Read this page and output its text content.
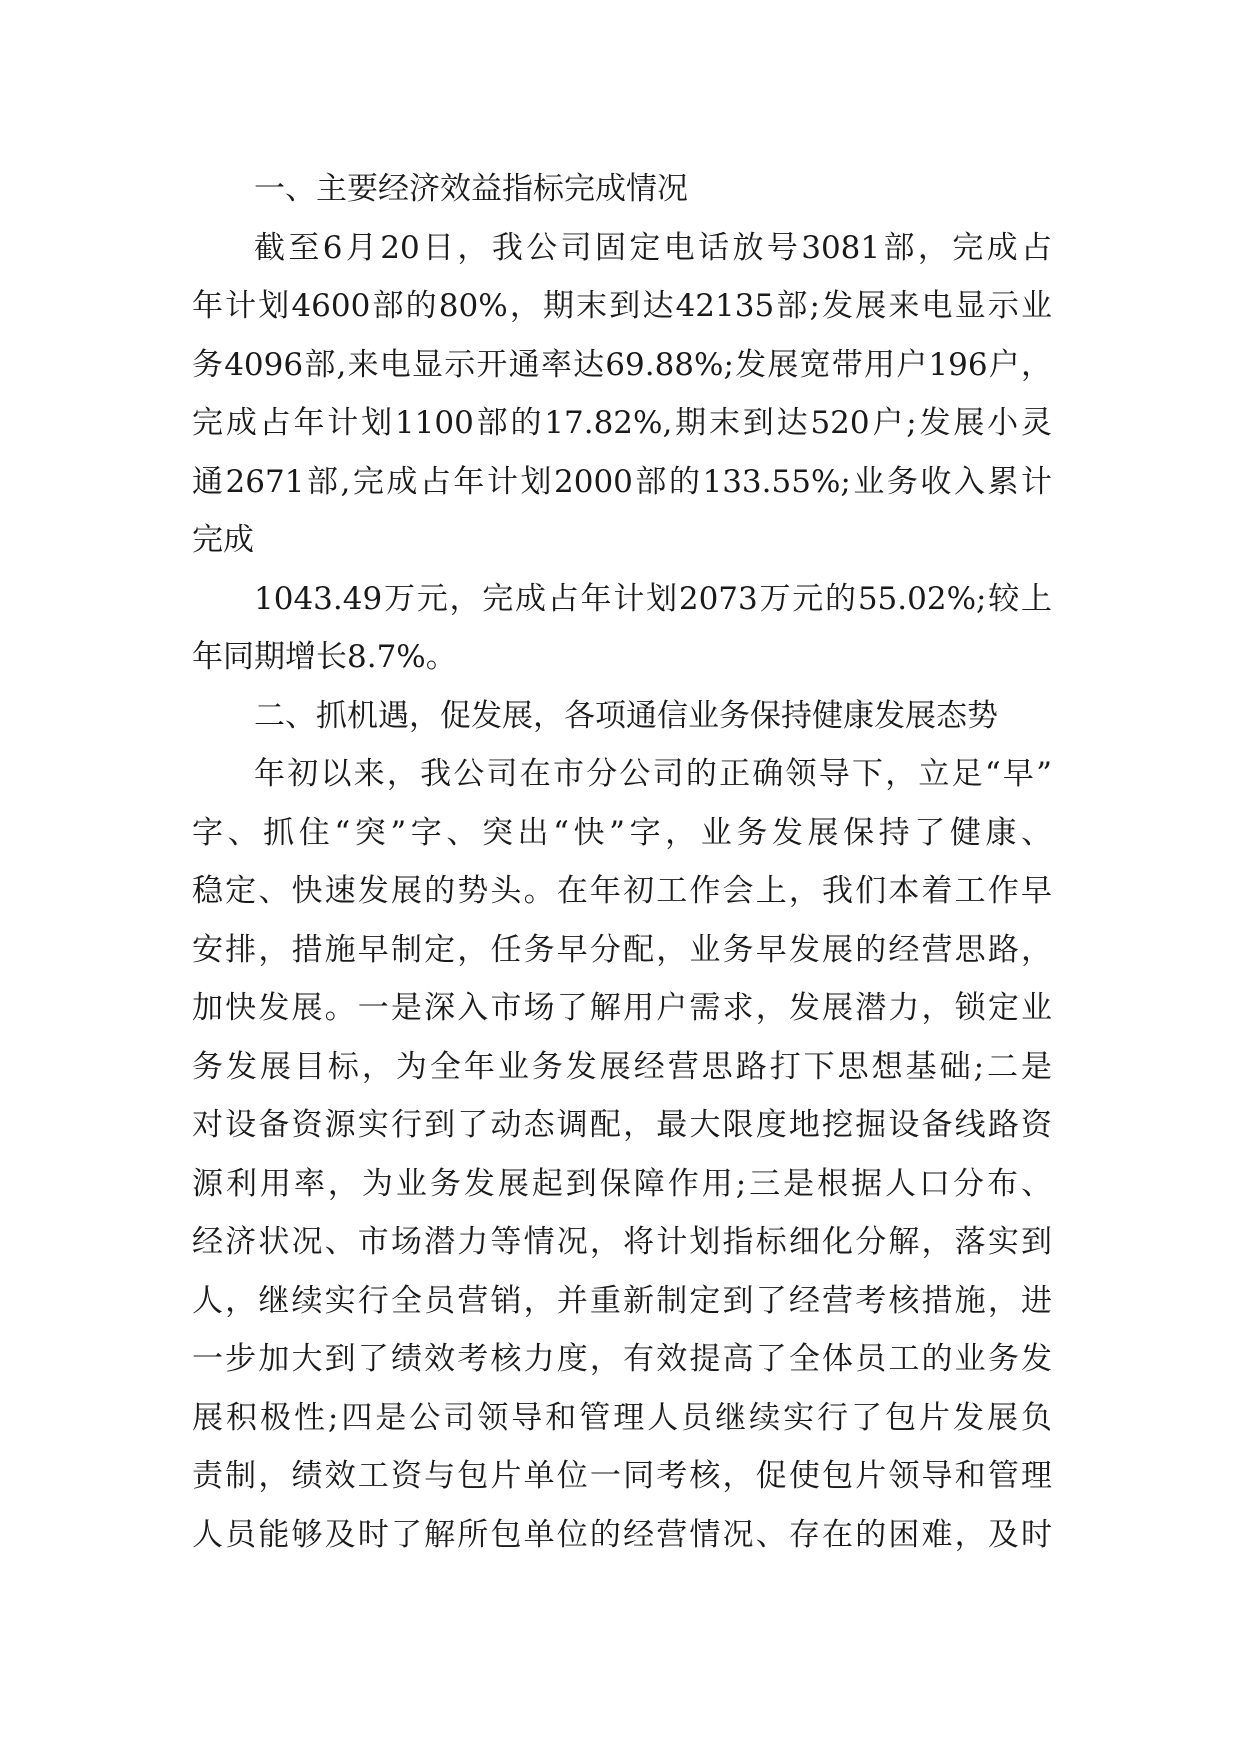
一、主要经济效益指标完成情况
截至6月20日，我公司固定电话放号3081部，完成占
年计划4600部的80%，期末到达42135部;发展来电显示业
务4096部,来电显示开通率达69.88%;发展宽带用户196户，
完成占年计划1100部的17.82%,期末到达520户;发展小灵
通2671部,完成占年计划2000部的133.55%;业务收入累计
完成
1043.49万元，完成占年计划2073万元的55.02%;较上
年同期增长8.7%。
二、抓机遇，促发展，各项通信业务保持健康发展态势
年初以来，我公司在市分公司的正确领导下，立足“早”
字、抓住“突”字、突出“快”字，业务发展保持了健康、
稳定、快速发展的势头。在年初工作会上，我们本着工作早
安排，措施早制定，任务早分配，业务早发展的经营思路，
加快发展。一是深入市场了解用户需求，发展潜力，锁定业
务发展目标，为全年业务发展经营思路打下思想基础;二是
对设备资源实行到了动态调配，最大限度地挖掘设备线路资
源利用率，为业务发展起到保障作用;三是根据人口分布、
经济状况、市场潜力等情况，将计划指标细化分解，落实到
人，继续实行全员营销，并重新制定到了经营考核措施，进
一步加大到了绩效考核力度，有效提高了全体员工的业务发
展积极性;四是公司领导和管理人员继续实行了包片发展负
责制，绩效工资与包片单位一同考核，促使包片领导和管理
人员能够及时了解所包单位的经营情况、存在的困难，及时
